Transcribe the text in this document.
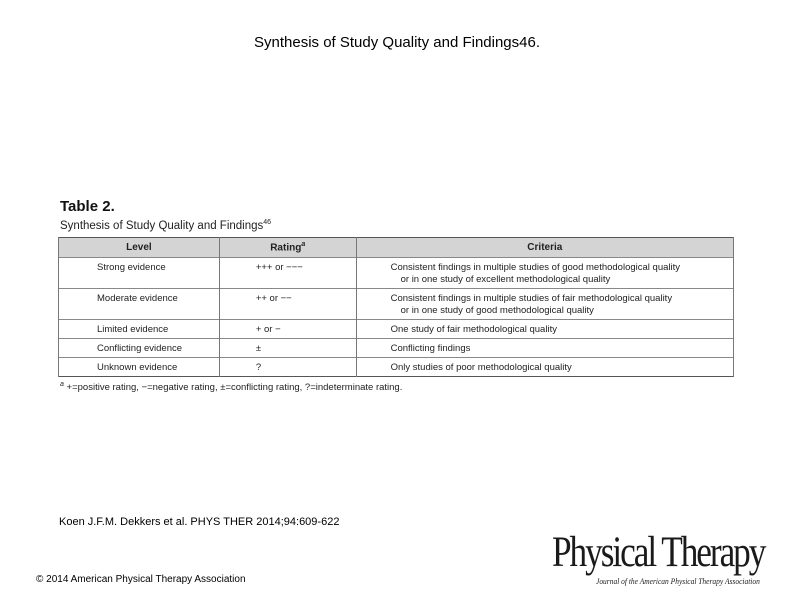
Synthesis of Study Quality and Findings46.
Table 2.
Synthesis of Study Quality and Findings$^{46}$
Level	Rating$^a$	Criteria

Strong evidence	+++ or −−−	Consistent findings in multiple studies of good methodological quality
or in one study of excellent methodological quality

Moderate evidence	++ or −−	Consistent findings in multiple studies of fair methodological quality
or in one study of good methodological quality

Limited evidence	+ or −	One study of fair methodological quality

Conflicting evidence	±	Conflicting findings

Unknown evidence	?	Only studies of poor methodological quality
$^a$ +=positive rating, −=negative rating, ±=conflicting rating, ?=indeterminate rating.
Koen J.F.M. Dekkers et al. PHYS THER 2014;94:609-622
© 2014 American Physical Therapy Association
Physical Therapy
Journal of the American Physical Therapy Association
